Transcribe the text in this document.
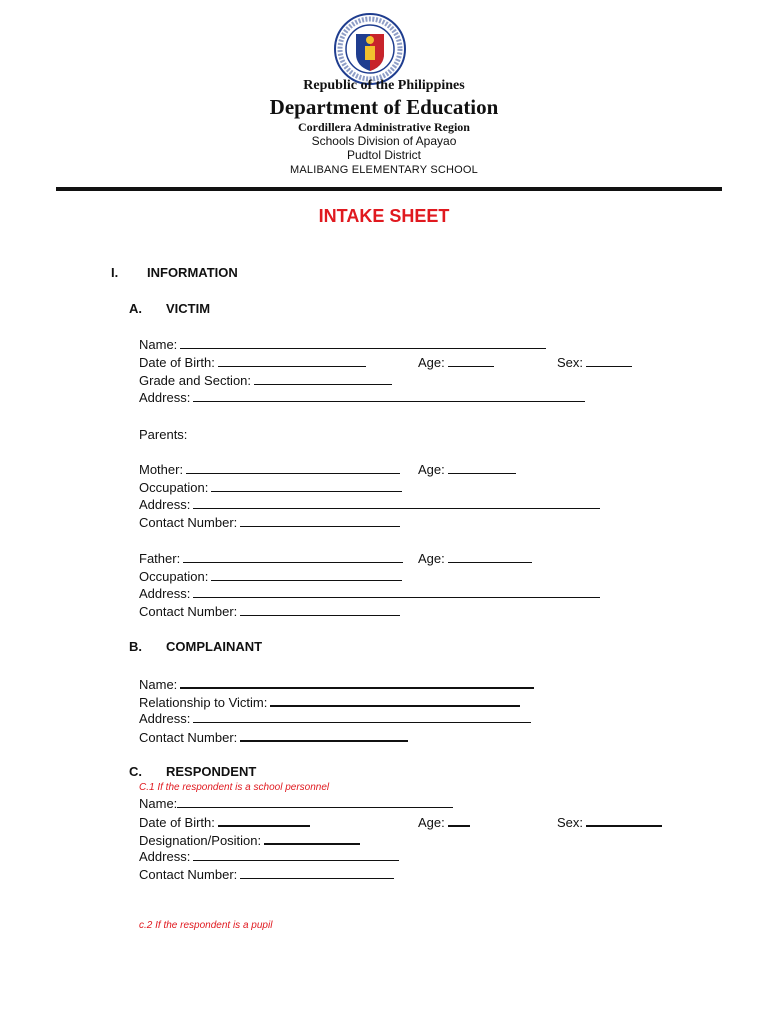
Republic of the Philippines
Department of Education
Cordillera Administrative Region
Schools Division of Apayao
Pudtol District
MALIBANG ELEMENTARY SCHOOL
INTAKE SHEET
I. INFORMATION
A. VICTIM
Name:
Date of Birth:	Age:	Sex:
Grade and Section:
Address:
Parents:
Mother:	Age:
Occupation:
Address:
Contact Number:
Father:	Age:
Occupation:
Address:
Contact Number:
B. COMPLAINANT
Name:
Relationship to Victim:
Address:
Contact Number:
C. RESPONDENT
C.1 If the respondent is a school personnel
Name:
Date of Birth:	Age:	Sex:
Designation/Position:
Address:
Contact Number:
c.2 If the respondent is a pupil
